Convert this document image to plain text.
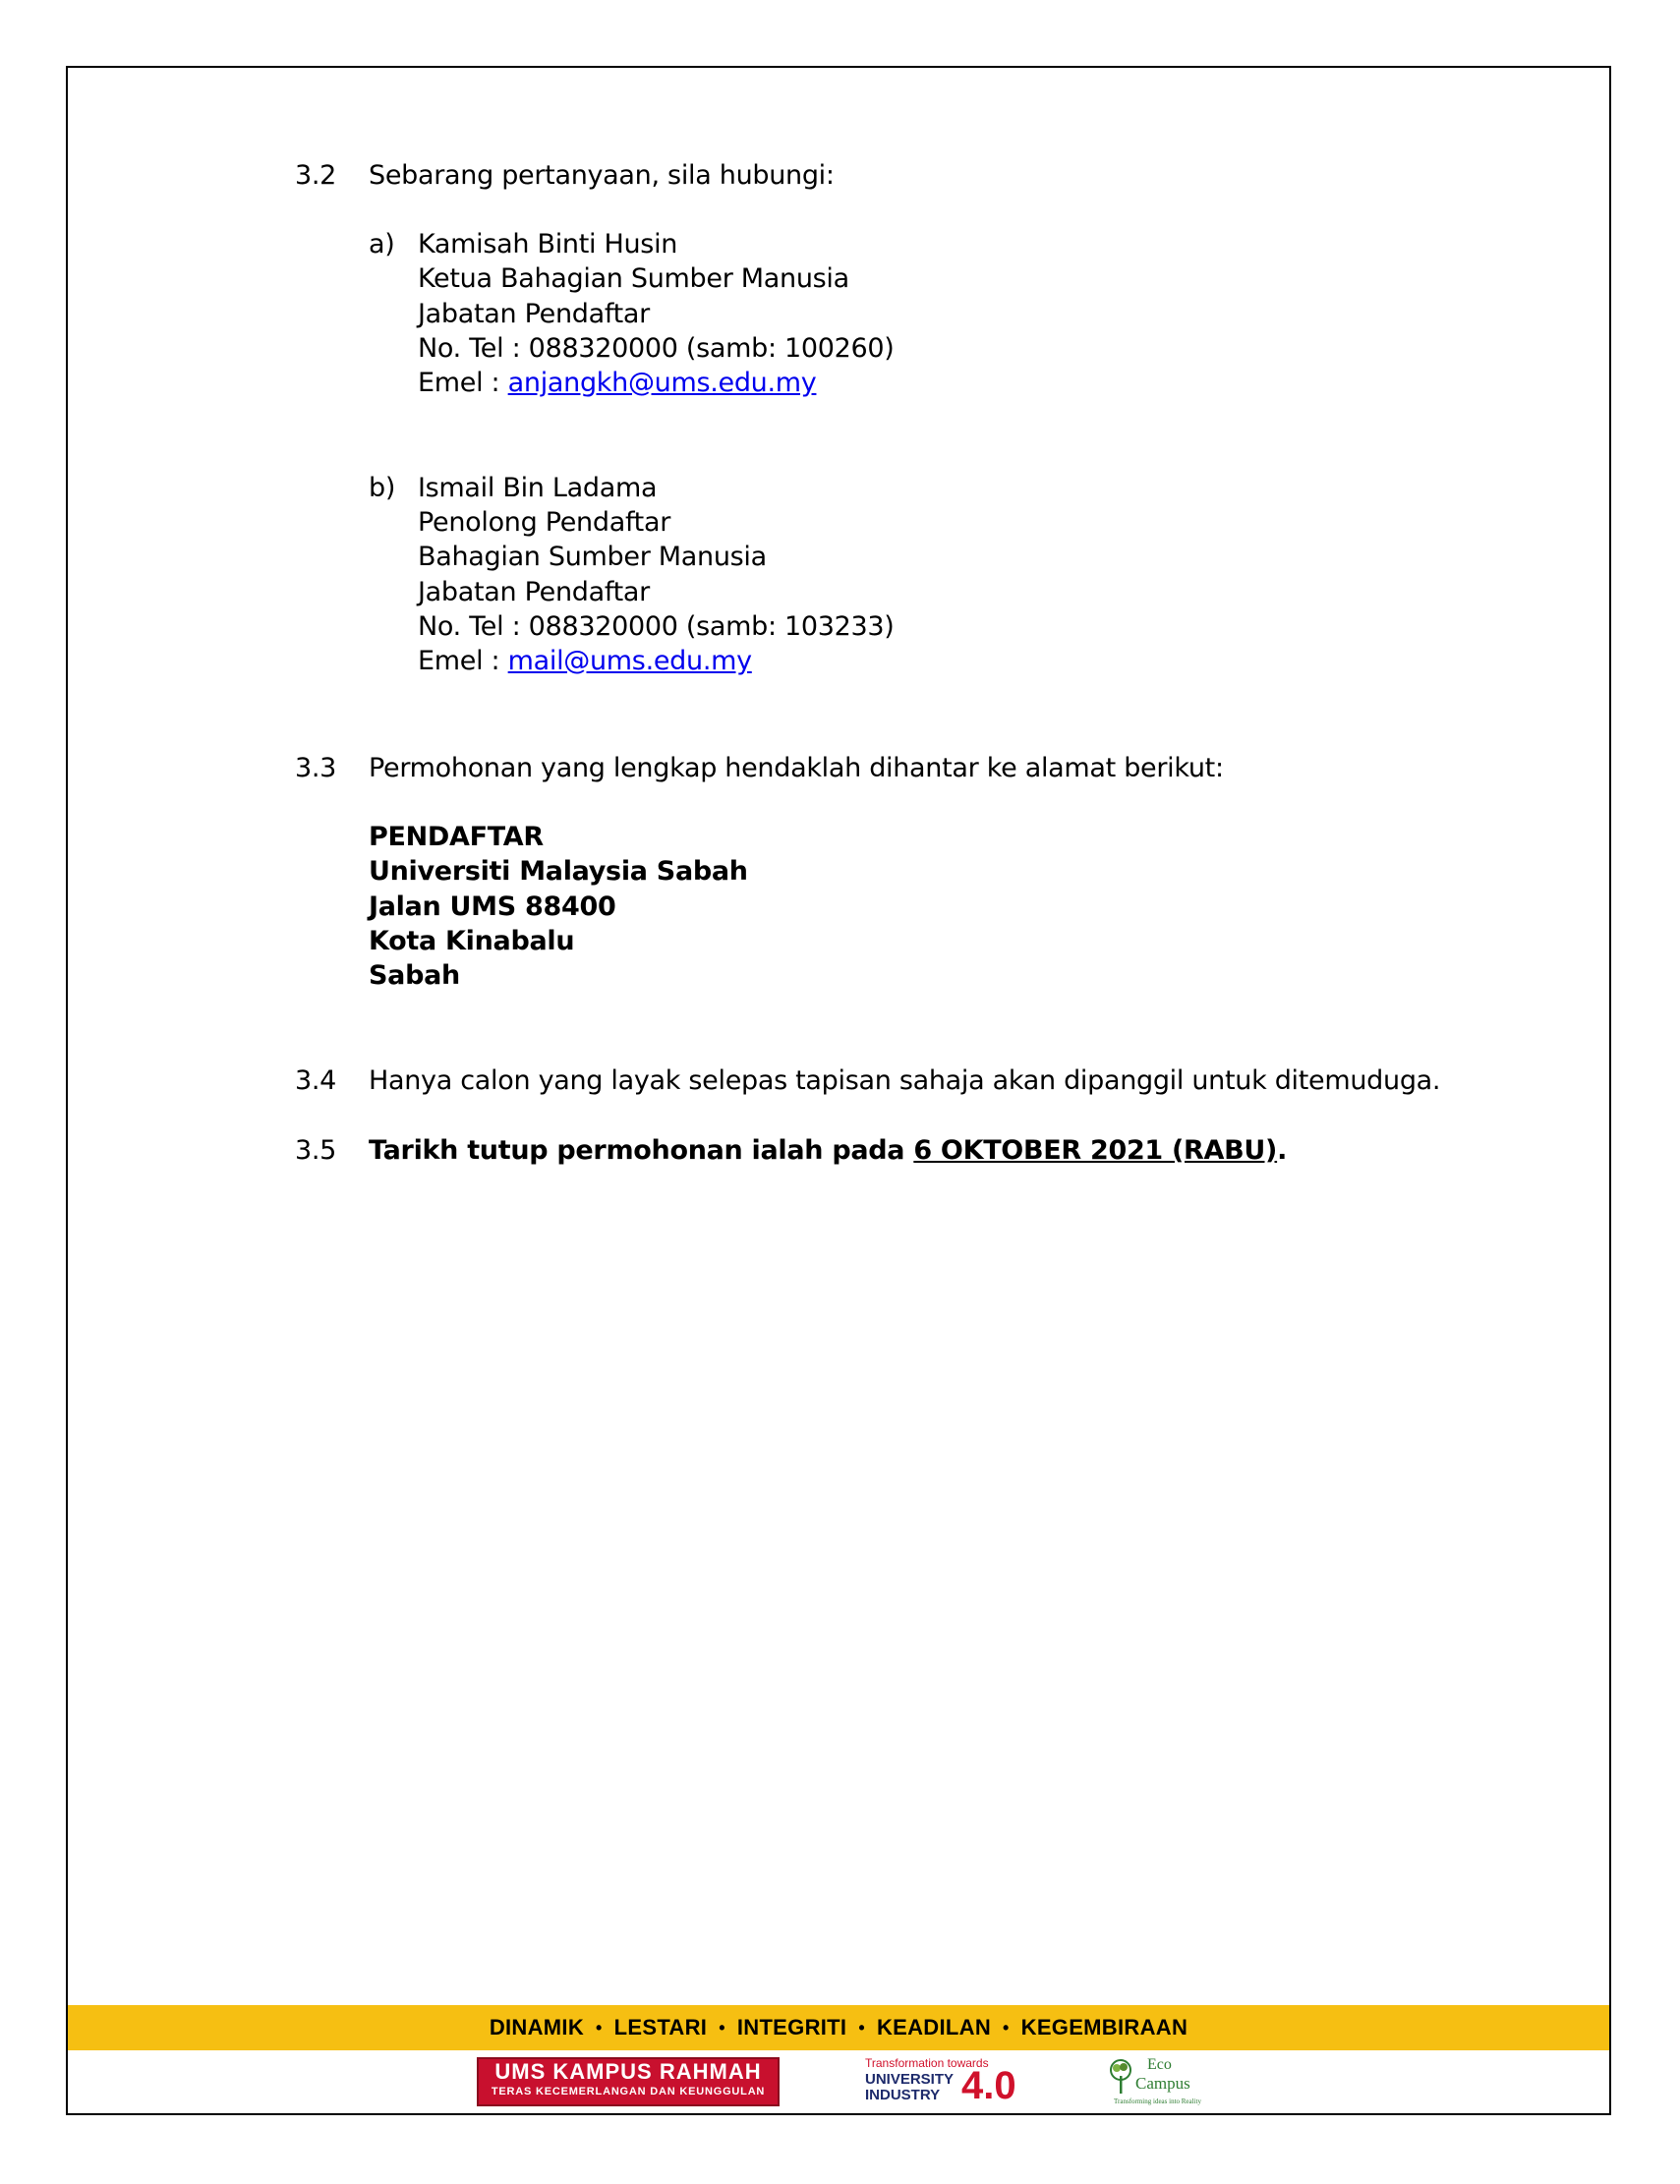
3.2 Sebarang pertanyaan, sila hubungi:
a) Kamisah Binti Husin
Ketua Bahagian Sumber Manusia
Jabatan Pendaftar
No. Tel : 088320000 (samb: 100260)
Emel : anjangkh@ums.edu.my
b) Ismail Bin Ladama
Penolong Pendaftar
Bahagian Sumber Manusia
Jabatan Pendaftar
No. Tel : 088320000 (samb: 103233)
Emel : mail@ums.edu.my
3.3 Permohonan yang lengkap hendaklah dihantar ke alamat berikut:
PENDAFTAR
Universiti Malaysia Sabah
Jalan UMS 88400
Kota Kinabalu
Sabah
3.4 Hanya calon yang layak selepas tapisan sahaja akan dipanggil untuk ditemuduga.
3.5 Tarikh tutup permohonan ialah pada 6 OKTOBER 2021 (RABU).
DINAMIK • LESTARI • INTEGRITI • KEADILAN • KEGEMBIRAAN
UMS KAMPUS RAHMAH
TERAS KECEMERLANGAN DAN KEUNGGULAN
Transformation towards
UNIVERSITY
INDUSTRY 4.0	Eco
Campus
Transforming ideas into Reality
